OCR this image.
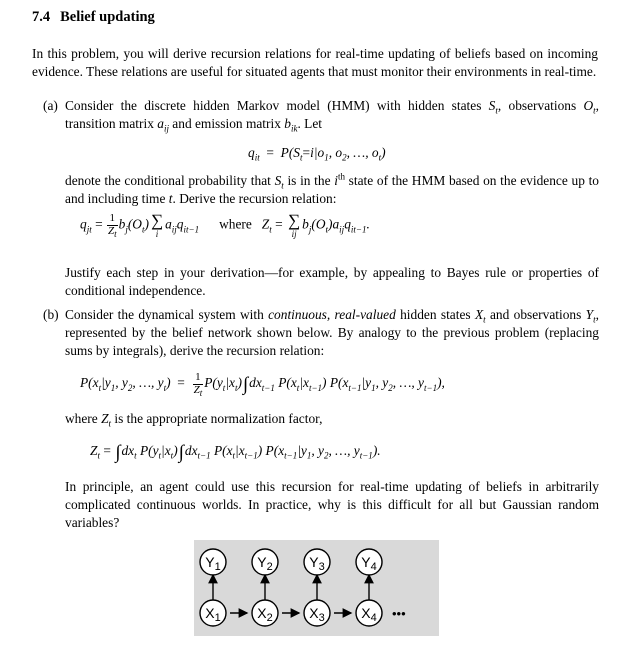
7.4 Belief updating

In this problem, you will derive recursion relations for real-time updating of beliefs based on incoming evidence. These relations are useful for situated agents that must monitor their environments in real-time.

(a) Consider the discrete hidden Markov model (HMM) with hidden states $S_t$, observations $O_t$, transition matrix $a_{ij}$ and emission matrix $b_{ik}$. Let

$q_{it} = P(S_t=i|o_1$, $o_2$, …, $o_t$)

denote the conditional probability that $S_t$ is in the $i^{th}$ state of the HMM based on the evidence up to and including time t. Derive the recursion relation:

$q_{jt} = \frac{1}{Z_t} b_j(O_t)$ ∑
i
$a_{ij}q_{it-1}$ where $Z_t$ = ∑
ij
$b_j(O_t)a_{ij}q_{it-1}$.

Justify each step in your derivation—for example, by appealing to Bayes rule or properties of conditional independence.

(b) Consider the dynamical system with continuous, real-valued hidden states $X_t$ and observations $Y_t$, represented by the belief network shown below. By analogy to the previous problem (replacing sums by integrals), derive the recursion relation:

$P(x_t|y_1$, $y_2$, …, $y_t) = \frac{1}{Z_t} P(y_t|x_t)\int dx_{t-1}$ $P(x_t|x_{t-1})$ $P(x_{t-1}|y_1$, $y_2$, …, $y_{t-1}$),

where $Z_t$ is the appropriate normalization factor,

$Z_t = \int dx_t$ $P(y_t|x_t)\int dx_{t-1}$ $P(x_t|x_{t-1})$ $P(x_{t-1}|y_1$, $y_2$, …, $y_{t-1}$).

In principle, an agent could use this recursion for real-time updating of beliefs in arbitrarily complicated continuous worlds. In practice, why is this difficult for all but Gaussian random variables?

$Y_1$	$Y_2$	$Y_3$	$Y_4$
$X_1$	$X_2$	$X_3$	$X_4$ •••
